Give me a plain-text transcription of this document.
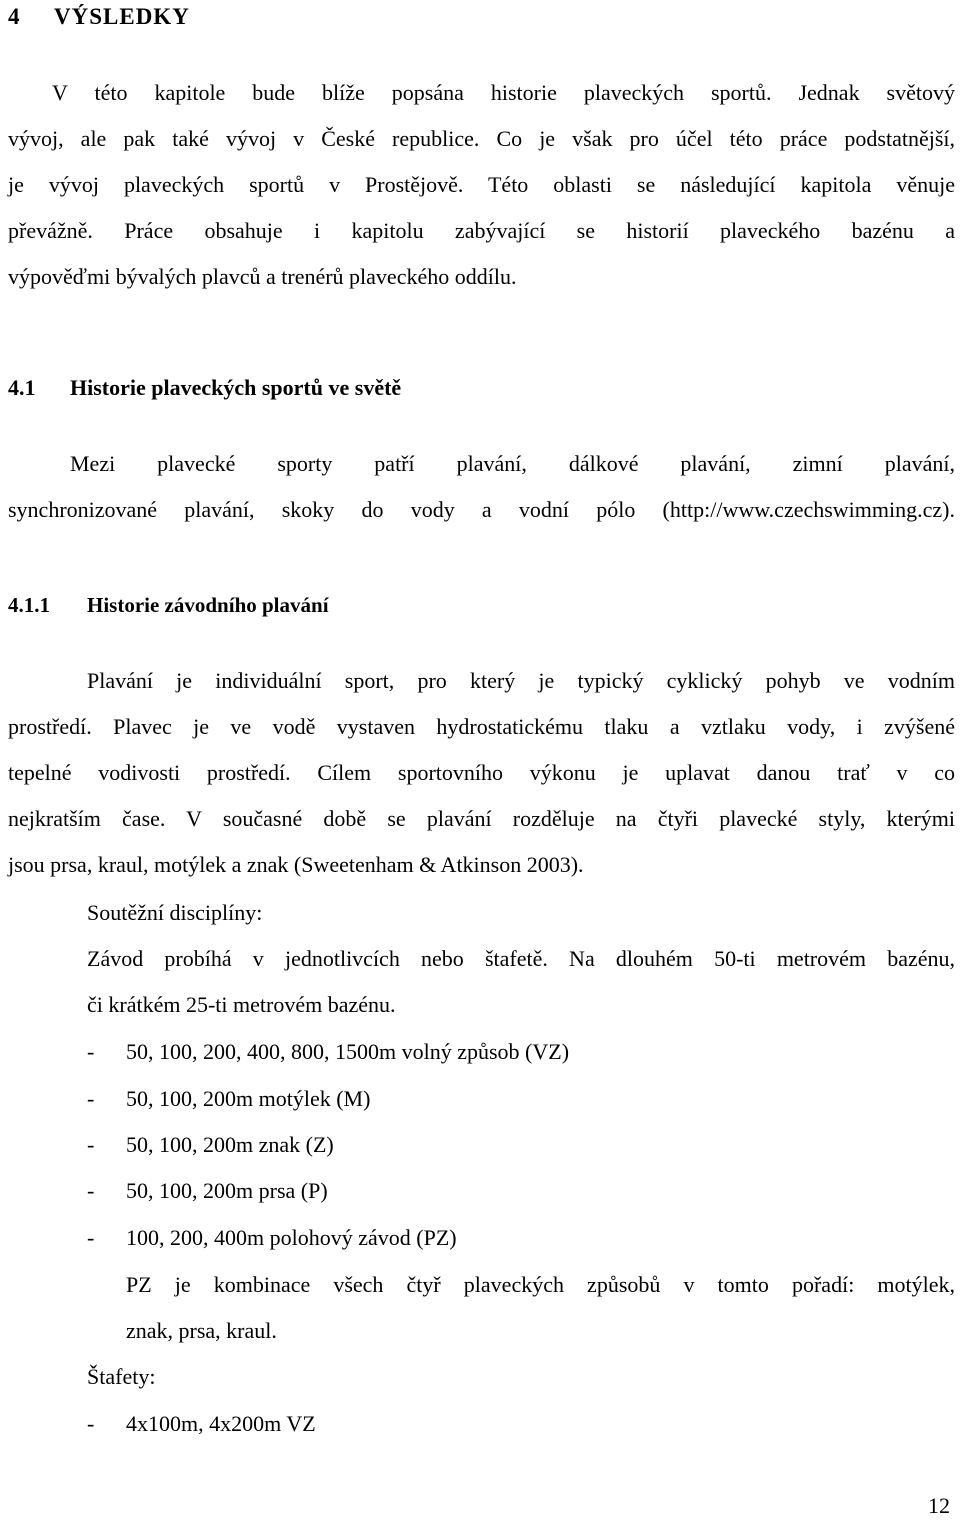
4 VÝSLEDKY
V této kapitole bude blíže popsána historie plaveckých sportů. Jednak světový
vývoj, ale pak také vývoj v České republice. Co je však pro účel této práce podstatnější,
je vývoj plaveckých sportů v Prostějově. Této oblasti se následující kapitola věnuje
převážně. Práce obsahuje i kapitolu zabývající se historií plaveckého bazénu a
výpověďmi bývalých plavců a trenérů plaveckého oddílu.
4.1 Historie plaveckých sportů ve světě
Mezi plavecké sporty patří plavání, dálkové plavání, zimní plavání,
synchronizované plavání, skoky do vody a vodní pólo (http://www.czechswimming.cz).
4.1.1 Historie závodního plavání
Plavání je individuální sport, pro který je typický cyklický pohyb ve vodním
prostředí. Plavec je ve vodě vystaven hydrostatickému tlaku a vztlaku vody, i zvýšené
tepelné vodivosti prostředí. Cílem sportovního výkonu je uplavat danou trať v co
nejkratším čase. V současné době se plavání rozděluje na čtyři plavecké styly, kterými
jsou prsa, kraul, motýlek a znak (Sweetenham & Atkinson 2003).
Soutěžní disciplíny:
Závod probíhá v jednotlivcích nebo štafetě. Na dlouhém 50-ti metrovém bazénu,
či krátkém 25-ti metrovém bazénu.
- 50, 100, 200, 400, 800, 1500m volný způsob (VZ)
- 50, 100, 200m motýlek (M)
- 50, 100, 200m znak (Z)
- 50, 100, 200m prsa (P)
- 100, 200, 400m polohový závod (PZ)
PZ je kombinace všech čtyř plaveckých způsobů v tomto pořadí: motýlek,
znak, prsa, kraul.
Štafety:
- 4x100m, 4x200m VZ
12
